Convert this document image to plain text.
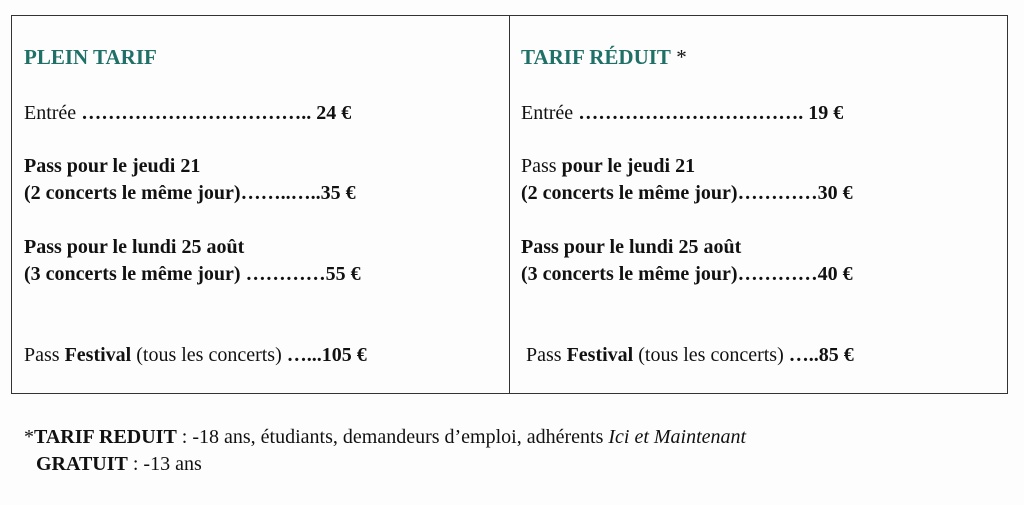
PLEIN TARIF
Entrée …………………………….. 24 €
Pass pour le jeudi 21
(2 concerts le même jour)……..…..35 €
Pass pour le lundi 25 août
(3 concerts le même jour) …………55 €
Pass Festival (tous les concerts) …...105 €
TARIF RÉDUIT *
Entrée ……………………………. 19 €
Pass pour le jeudi 21
(2 concerts le même jour)…………30 €
Pass pour le lundi 25 août
(3 concerts le même jour)…………40 €
Pass Festival (tous les concerts) …..85 €
*TARIF REDUIT : -18 ans, étudiants, demandeurs d’emploi, adhérents Ici et Maintenant
GRATUIT : -13 ans
